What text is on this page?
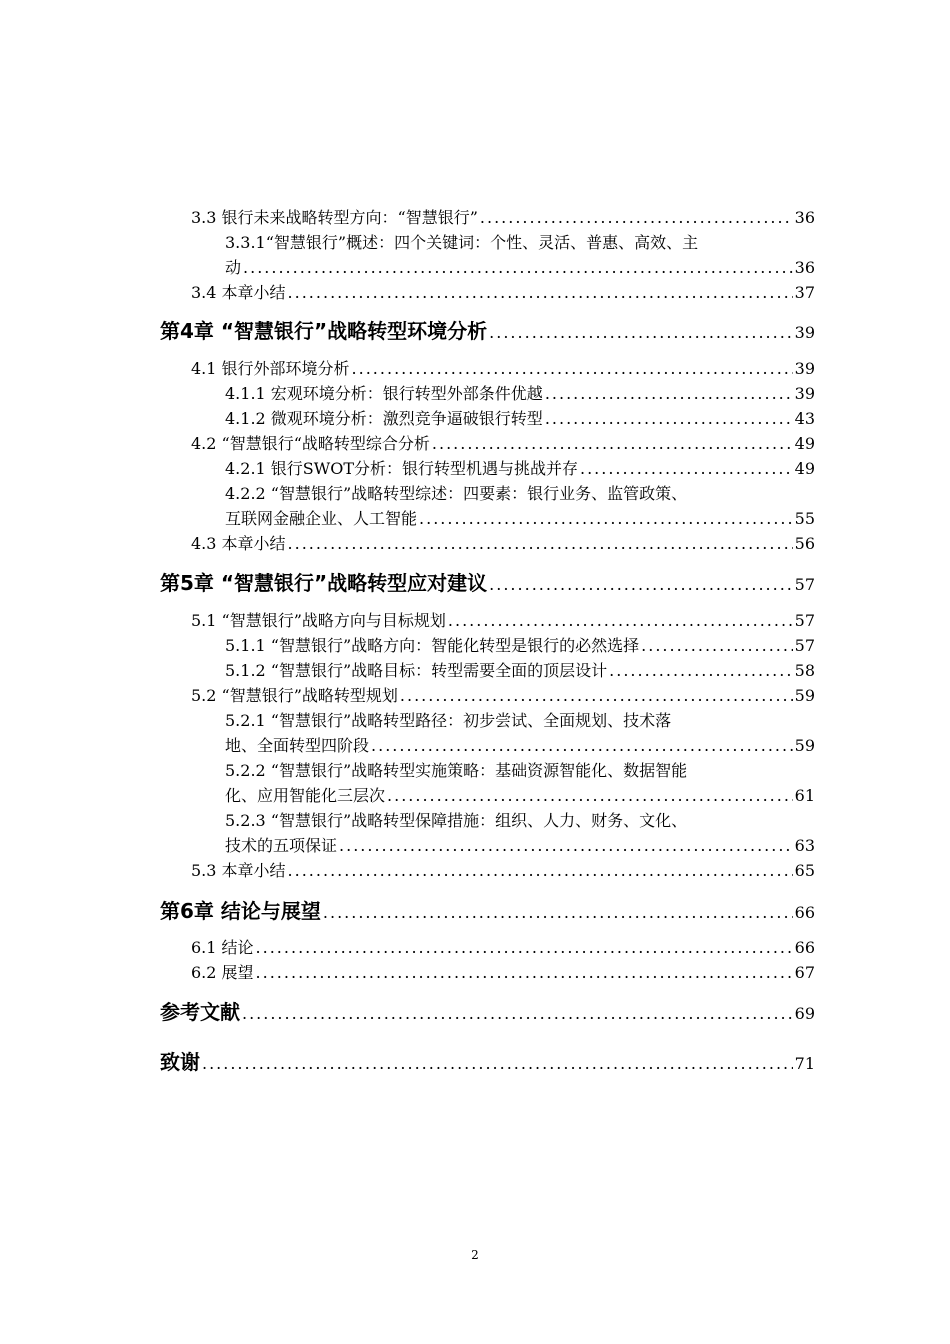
3.3 银行未来战略转型方向：“智慧银行” .....	36
3.3.1“智慧银行”概述：四个关键词：个性、灵活、普惠、高效、主
动 .....	36
3.4 本章小结 .....	37
第4章 “智慧银行”战略转型环境分析 .....	39
4.1 银行外部环境分析 .....	39
4.1.1 宏观环境分析：银行转型外部条件优越 .....	39
4.1.2 微观环境分析：激烈竞争逼破银行转型 .....	43
4.2 “智慧银行“战略转型综合分析 .....	49
4.2.1 银行SWOT分析：银行转型机遇与挑战并存 .....	49
4.2.2 “智慧银行”战略转型综述：四要素：银行业务、监管政策、
互联网金融企业、人工智能 .....	55
4.3 本章小结 .....	56
第5章 “智慧银行”战略转型应对建议 .....	57
5.1 “智慧银行”战略方向与目标规划 .....	57
5.1.1 “智慧银行”战略方向：智能化转型是银行的必然选择 .....	57
5.1.2 “智慧银行”战略目标：转型需要全面的顶层设计 .....	58
5.2 “智慧银行”战略转型规划 .....	59
5.2.1 “智慧银行”战略转型路径：初步尝试、全面规划、技术落
地、全面转型四阶段 .....	59
5.2.2 “智慧银行”战略转型实施策略：基础资源智能化、数据智能
化、应用智能化三层次 .....	61
5.2.3 “智慧银行”战略转型保障措施：组织、人力、财务、文化、
技术的五项保证 .....	63
5.3 本章小结 .....	65
第6章 结论与展望 .....	66
6.1 结论 .....	66
6.2 展望 .....	67
参考文献 .....	69
致谢 .....	71
2
